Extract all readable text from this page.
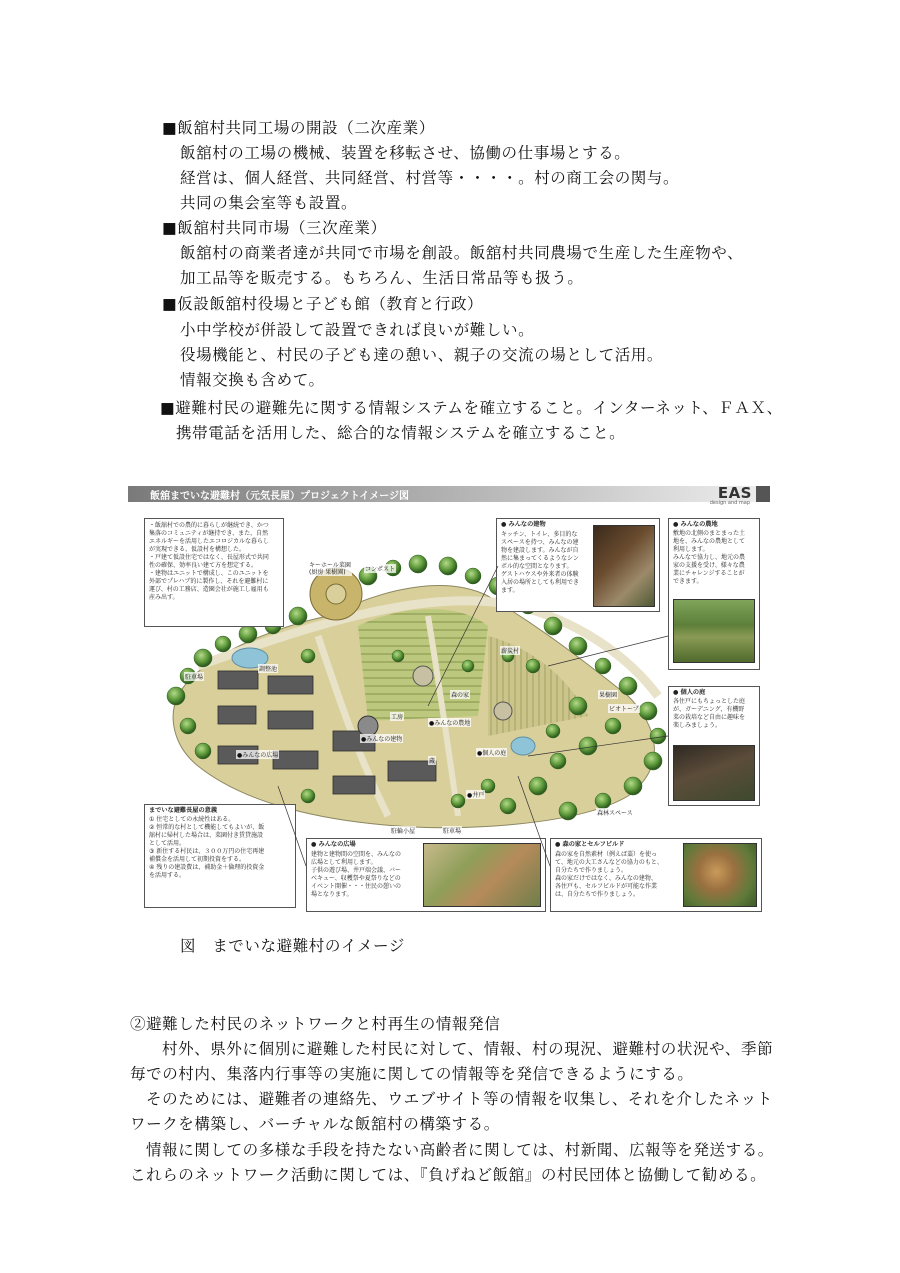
■飯舘村共同工場の開設（二次産業）
飯舘村の工場の機械、装置を移転させ、協働の仕事場とする。
経営は、個人経営、共同経営、村営等・・・・。村の商工会の関与。
共同の集会室等も設置。
■飯舘村共同市場（三次産業）
飯舘村の商業者達が共同で市場を創設。飯舘村共同農場で生産した生産物や、
加工品等を販売する。もちろん、生活日常品等も扱う。
■仮設飯舘村役場と子ども館（教育と行政）
小中学校が併設して設置できれば良いが難しい。
役場機能と、村民の子ども達の憩い、親子の交流の場として活用。
情報交換も含めて。
■避難村民の避難先に関する情報システムを確立すること。インターネット、ＦＡＸ、
携帯電話を活用した、総合的な情報システムを確立すること。
飯舘までいな避難村（元気長屋）プロジェクトイメージ図	EAS
design and map
キーホール菜園
(厨房 果樹園)	コンポスト
調整池
駐車場
薪炭村
果樹園
ビオトープ
森の家
工房
●みんなの建物
●みんなの農地
●みんなの広場	●個人の庭
●井戸
蔵
森林スペース
駐輪小屋	駐車場
・飯舘村での農的に暮らしが継続でき、かつ
集落のコミュニティが継持でき、また、自然
エネルギーを活用したエコロジカルな暮らし
が実現できる、仮設村を構想した。
・戸建て仮設住宅ではなく、長屋形式で共同
性の確保、効率良い建て方を想定する。
・建物はユニットで構成し、このユニットを
外部でプレハブ的に製作し、それを避難村に
運び、村の工務店、造園会社が施工し雇用も
産み出す。
● みんなの建物
キッチン、トイレ、多目的な
スペースを持つ、みんなの建
物を建設します。みんなが自
然に集まってくるようなシン
ボル的な空間となります。
ゲストハウスや外来者の体験
入居の場所としても利用でき
ます。
● みんなの農地
敷地の北側のまとまった土
地を、みんなの農地として
利用します。
みんなで協力し、地元の農
家の支援を受け、様々な農
業にチャレンジすることが
できます。
● 個人の庭
各住戸にもちょっとした庭
が、ガーデニング、有機野
菜の栽培など自由に趣味を
楽しみましょう。
までいな避難長屋の意義
① 住宅としての永続性はある。
② 恒常的な村として機能してもよいが、飯
舘村に帰村した場合は、菜園付き賃貸施設
として活用。
③ 新住する村民は、３００万円の住宅再建
補償金を活用して初期投資をする。
④ 残りの建設費は、補助金＋倫理的投資金
を活用する。
● みんなの広場
建物と建物間の空間を、みんなの
広場として利用します。
子供の遊び場、井戸端会議、バー
ベキュー、収穫祭や夏祭りなどの
イベント開催・・・住民の憩いの
場となります。
● 森の家とセルフビルド
森の家を自然素材（例えば藁）を使っ
て、地元の大工さんなどの協力のもと、
自分たちで作りましょう。
森の家だけではなく、みんなの建物、
各住戸も、セルフビルドが可能な作業
は、自分たちで作りましょう。
図　までいな避難村のイメージ
②避難した村民のネットワークと村再生の情報発信
村外、県外に個別に避難した村民に対して、情報、村の現況、避難村の状況や、季節
毎での村内、集落内行事等の実施に関しての情報等を発信できるようにする。
そのためには、避難者の連絡先、ウエブサイト等の情報を収集し、それを介したネット
ワークを構築し、バーチャルな飯舘村の構築する。
情報に関しての多様な手段を持たない高齢者に関しては、村新聞、広報等を発送する。
これらのネットワーク活動に関しては、『負げねど飯舘』の村民団体と協働して勧める。
